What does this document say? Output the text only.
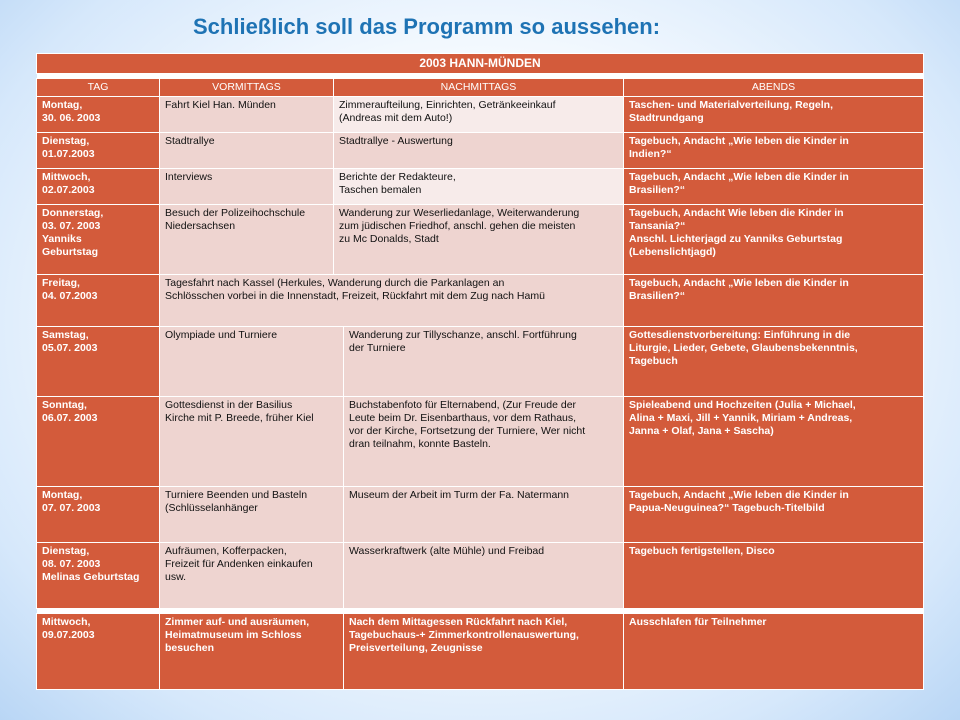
Schließlich soll das Programm so aussehen:
2003 HANN-MÜNDEN				

TAG	VORMITTAGS	NACHMITTAGS		ABENDS
Montag,
30. 06. 2003	Fahrt Kiel Han. Münden	Zimmeraufteilung, Einrichten, Getränkeeinkauf
(Andreas mit dem Auto!)		Taschen- und Materialverteilung, Regeln,
Stadtrundgang
Dienstag,
01.07.2003	Stadtrallye	Stadtrallye - Auswertung		Tagebuch, Andacht „Wie leben die Kinder in
Indien?“
Mittwoch,
02.07.2003	Interviews	Berichte der Redakteure,
Taschen bemalen		Tagebuch, Andacht „Wie leben die Kinder in
Brasilien?“
Donnerstag,
03. 07. 2003
Yanniks
Geburtstag	Besuch der Polizeihochschule
Niedersachsen	Wanderung zur Weserliedanlage, Weiterwanderung
zum jüdischen Friedhof, anschl. gehen die meisten
zu Mc Donalds, Stadt		Tagebuch, Andacht Wie leben die Kinder in
Tansania?“
Anschl. Lichterjagd zu Yanniks Geburtstag
(Lebenslichtjagd)
Freitag,
04. 07.2003	Tagesfahrt nach Kassel (Herkules, Wanderung durch die Parkanlagen an
Schlösschen vorbei in die Innenstadt, Freizeit, Rückfahrt mit dem Zug nach Hamü			Tagebuch, Andacht „Wie leben die Kinder in
Brasilien?“
Samstag,
05.07. 2003	Olympiade und Turniere		Wanderung zur Tillyschanze, anschl. Fortführung
der Turniere	Gottesdienstvorbereitung: Einführung in die
Liturgie, Lieder, Gebete, Glaubensbekenntnis,
Tagebuch
Sonntag,
06.07. 2003	Gottesdienst in der Basilius
Kirche mit P. Breede, früher Kiel		Buchstabenfoto für Elternabend, (Zur Freude der
Leute beim Dr. Eisenbarthaus, vor dem Rathaus,
vor der Kirche, Fortsetzung der Turniere, Wer nicht
dran teilnahm, konnte Basteln.	Spieleabend und Hochzeiten (Julia + Michael,
Alina + Maxi, Jill + Yannik, Miriam + Andreas,
Janna + Olaf, Jana + Sascha)
Montag,
07. 07. 2003	Turniere Beenden und Basteln
(Schlüsselanhänger		Museum der Arbeit im Turm der Fa. Natermann	Tagebuch, Andacht „Wie leben die Kinder in
Papua-Neuguinea?“ Tagebuch-Titelbild
Dienstag,
08. 07. 2003
Melinas Geburtstag	Aufräumen, Kofferpacken,
Freizeit für Andenken einkaufen
usw.		Wasserkraftwerk (alte Mühle) und Freibad	Tagebuch fertigstellen, Disco

Mittwoch,
09.07.2003	Zimmer auf- und ausräumen,
Heimatmuseum im Schloss
besuchen		Nach dem Mittagessen Rückfahrt nach Kiel,
Tagebuchaus-+ Zimmerkontrollenauswertung,
Preisverteilung, Zeugnisse	Ausschlafen für Teilnehmer
